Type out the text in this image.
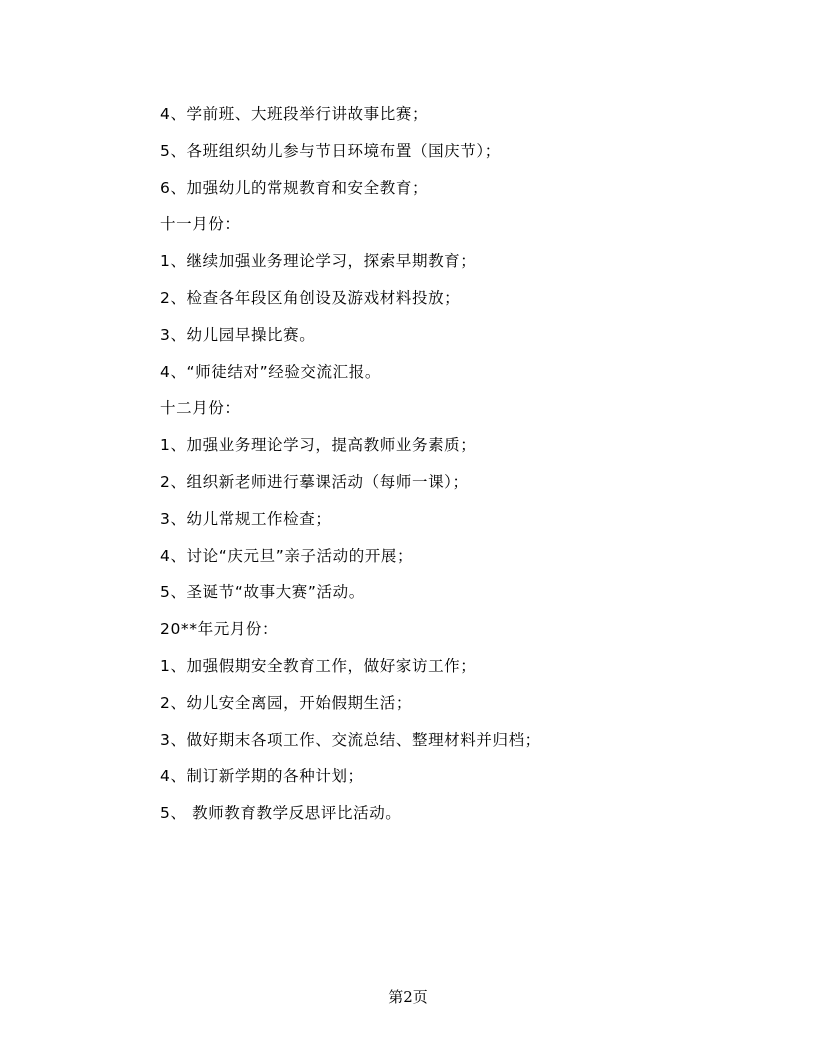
4、学前班、大班段举行讲故事比赛；
5、各班组织幼儿参与节日环境布置（国庆节）；
6、加强幼儿的常规教育和安全教育；
十一月份：
1、继续加强业务理论学习，探索早期教育；
2、检查各年段区角创设及游戏材料投放；
3、幼儿园早操比赛。
4、“师徒结对”经验交流汇报。
十二月份：
1、加强业务理论学习，提高教师业务素质；
2、组织新老师进行摹课活动（每师一课）；
3、幼儿常规工作检查；
4、讨论“庆元旦”亲子活动的开展；
5、圣诞节“故事大赛”活动。
20**年元月份：
1、加强假期安全教育工作，做好家访工作；
2、幼儿安全离园，开始假期生活；
3、做好期末各项工作、交流总结、整理材料并归档；
4、制订新学期的各种计划；
5、 教师教育教学反思评比活动。
第2页
